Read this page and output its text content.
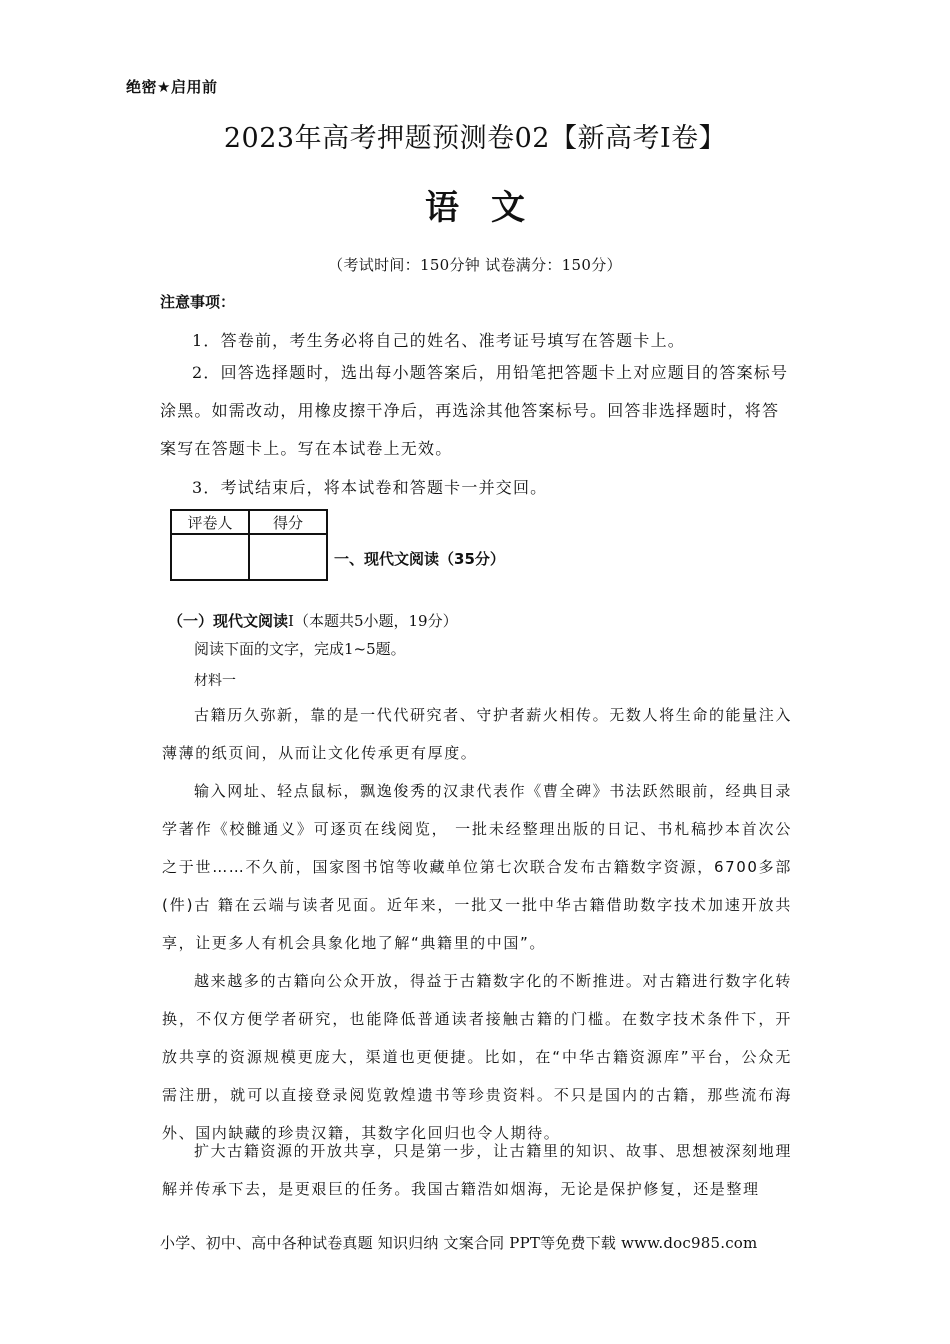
绝密★启用前
2023年高考押题预测卷02【新高考I卷】
语文
（考试时间：150分钟 试卷满分：150分）
注意事项：
1．答卷前，考生务必将自己的姓名、准考证号填写在答题卡上。
2．回答选择题时，选出每小题答案后，用铅笔把答题卡上对应题目的答案标号涂黑。如需改动，用橡皮擦干净后，再选涂其他答案标号。回答非选择题时，将答案写在答题卡上。写在本试卷上无效。
3．考试结束后，将本试卷和答题卡一并交回。
评卷人	得分

一、现代文阅读（35分）
（一）现代文阅读I（本题共5小题，19分）
阅读下面的文字，完成1~5题。
材料一
古籍历久弥新，靠的是一代代研究者、守护者薪火相传。无数人将生命的能量注入薄薄的纸页间，从而让文化传承更有厚度。
输入网址、轻点鼠标，飘逸俊秀的汉隶代表作《曹全碑》书法跃然眼前，经典目录学著作《校雠通义》可逐页在线阅览， 一批未经整理出版的日记、书札稿抄本首次公之于世……不久前，国家图书馆等收藏单位第七次联合发布古籍数字资源，6700多部(件)古 籍在云端与读者见面。近年来，一批又一批中华古籍借助数字技术加速开放共享，让更多人有机会具象化地了解“典籍里的中国”。
越来越多的古籍向公众开放，得益于古籍数字化的不断推进。对古籍进行数字化转换，不仅方便学者研究，也能降低普通读者接触古籍的门槛。在数字技术条件下，开放共享的资源规模更庞大，渠道也更便捷。比如，在“中华古籍资源库”平台，公众无需注册，就可以直接登录阅览敦煌遗书等珍贵资料。不只是国内的古籍，那些流布海外、国内缺藏的珍贵汉籍，其数字化回归也令人期待。
扩大古籍资源的开放共享，只是第一步，让古籍里的知识、故事、思想被深刻地理解并传承下去，是更艰巨的任务。我国古籍浩如烟海，无论是保护修复，还是整理
小学、初中、高中各种试卷真题 知识归纳 文案合同 PPT等免费下载 www.doc985.com
